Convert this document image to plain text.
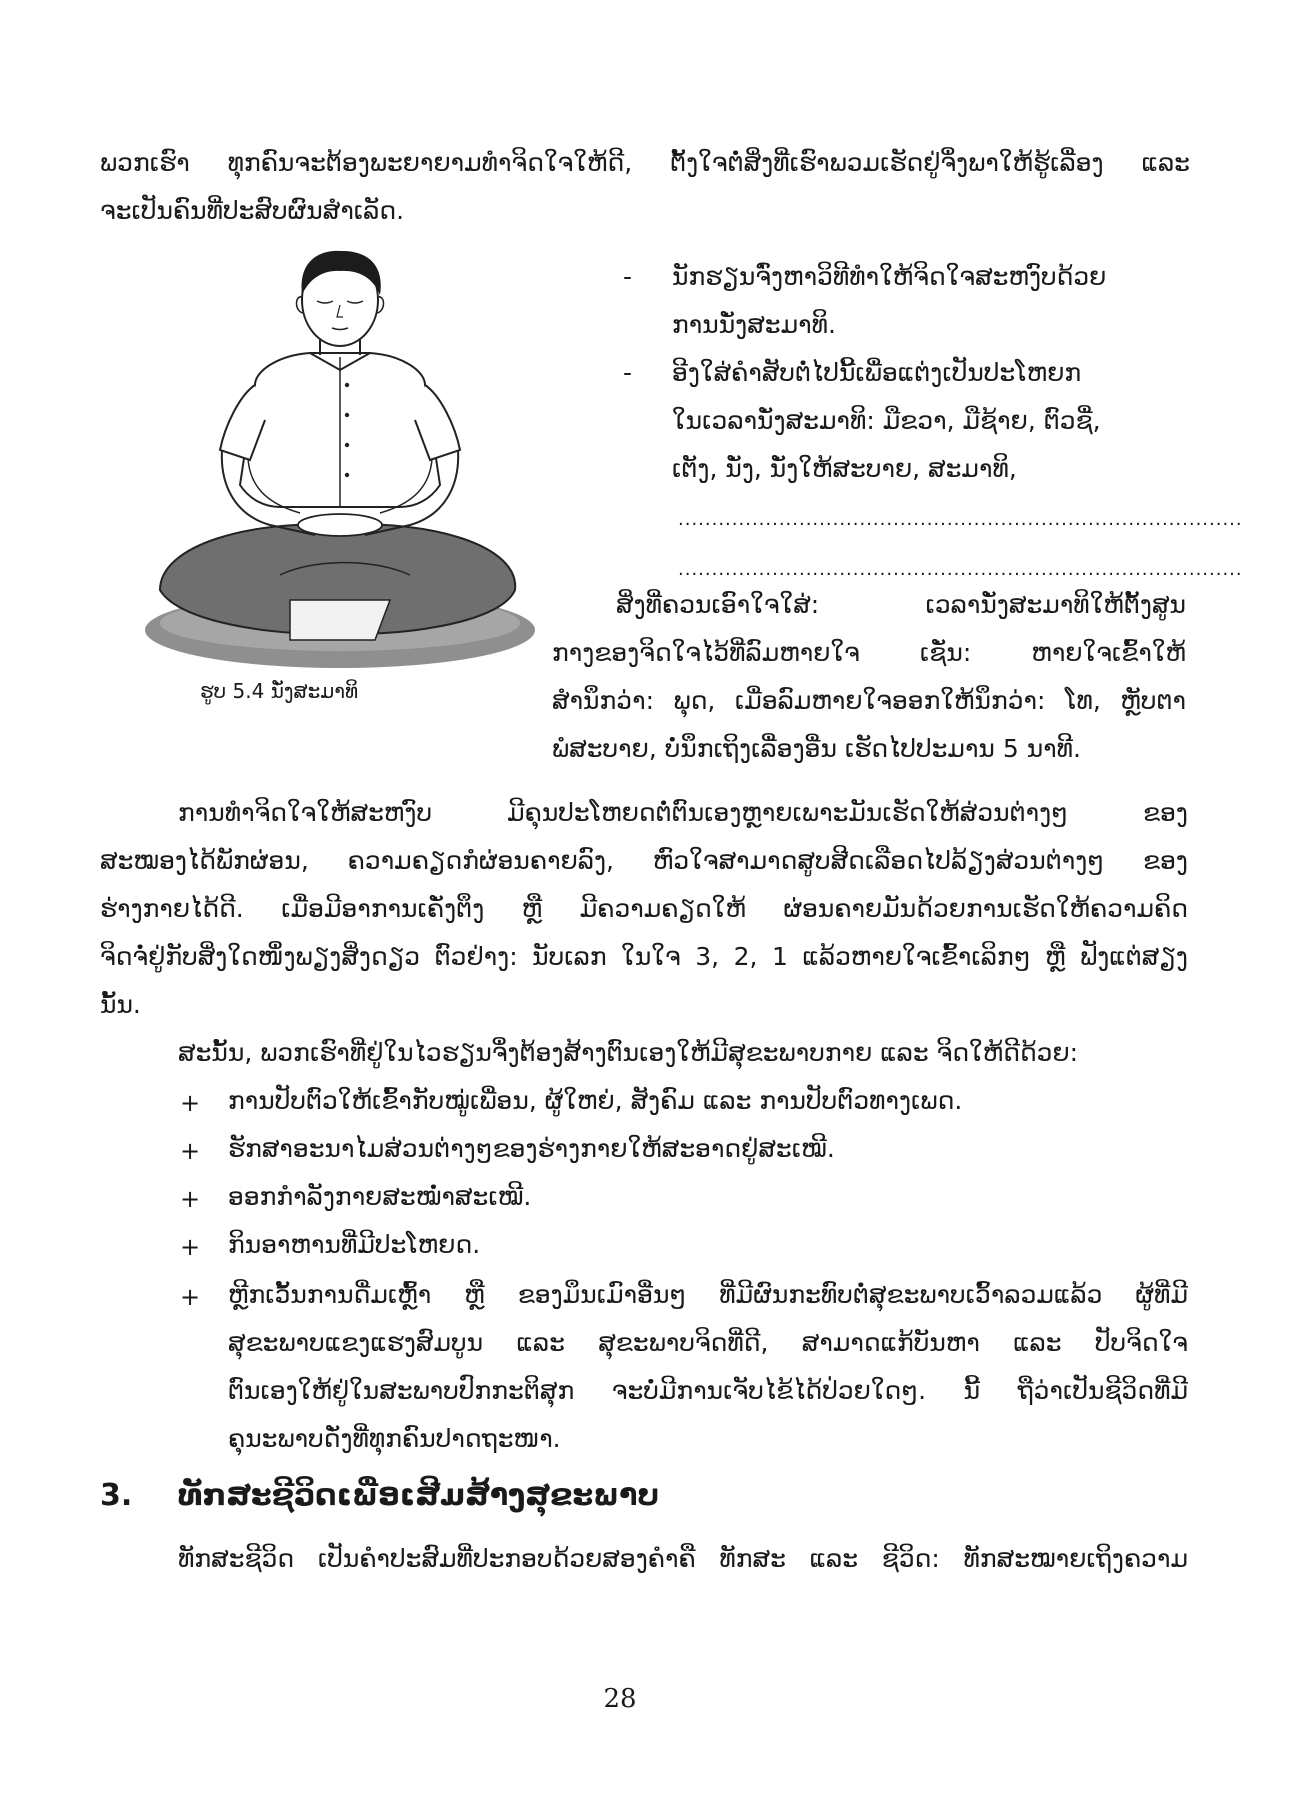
ພວກເຮົາ ທຸກຄົນຈະຕ້ອງພະຍາຍາມທຳຈິດໃຈໃຫ້ດີ, ຕັ້ງໃຈຕໍ່ສິ່ງທີ່ເຮົາພວມເຮັດຢູ່ຈຶ່ງພາໃຫ້ຮູ້ເລື່ອງ ແລະ
ຈະເປັນຄົນທີ່ປະສົບຜົນສຳເລັດ.
ຮູບ 5.4 ນັ່ງສະມາທິ
- ນັກຮຽນຈົ່ງຫາວິທີທຳໃຫ້ຈິດໃຈສະຫງົບດ້ວຍ
ການນັ່ງສະມາທິ.
- ອີງໃສ່ຄຳສັບຕໍ່ໄປນີ້ເພື່ອແຕ່ງເປັນປະໂຫຍກ
ໃນເວລານັ່ງສະມາທິ: ມືຂວາ, ມືຊ້າຍ, ຕົວຊື່,
ເຕັງ, ນັ່ງ, ນັ່ງໃຫ້ສະບາຍ, ສະມາທິ,
....................................................................................
....................................................................................
ສິ່ງທີ່ຄວນເອົາໃຈໃສ່: ເວລານັ່ງສະມາທິໃຫ້ຕັ້ງສູນ
ກາງຂອງຈິດໃຈໄວ້ທີ່ລົມຫາຍໃຈ ເຊັ່ນ: ຫາຍໃຈເຂົ້າໃຫ້
ສຳນຶກວ່າ: ພຸດ, ເມື່ອລົມຫາຍໃຈອອກໃຫ້ນຶກວ່າ: ໂທ, ຫຼັບຕາ
ພໍສະບາຍ, ບໍ່ນຶກເຖິງເລື່ອງອື່ນ ເຮັດໄປປະມານ 5 ນາທີ.
ການທຳຈິດໃຈໃຫ້ສະຫງົບ ມີຄຸນປະໂຫຍດຕໍ່ຕົນເອງຫຼາຍເພາະມັນເຮັດໃຫ້ສ່ວນຕ່າງໆ ຂອງ
ສະໝອງໄດ້ພັກຜ່ອນ, ຄວາມຄຽດກໍຜ່ອນຄາຍລົງ, ຫົວໃຈສາມາດສູບສີດເລືອດໄປລ້ຽງສ່ວນຕ່າງໆ ຂອງ
ຮ່າງກາຍໄດ້ດີ. ເມື່ອມີອາການເຄັ່ງຕຶງ ຫຼື ມີຄວາມຄຽດໃຫ້ ຜ່ອນຄາຍມັນດ້ວຍການເຮັດໃຫ້ຄວາມຄິດ
ຈິດຈໍ່ຢູ່ກັບສິ່ງໃດໜຶ່ງພຽງສິ່ງດຽວ ຕົວຢ່າງ: ນັບເລກ ໃນໃຈ 3, 2, 1 ແລ້ວຫາຍໃຈເຂົ້າເລິກໆ ຫຼື ຟັງແຕ່ສຽງ
ນັ້ນ.
ສະນັ້ນ, ພວກເຮົາທີ່ຢູ່ໃນໄວຮຽນຈຶ່ງຕ້ອງສ້າງຕົນເອງໃຫ້ມີສຸຂະພາບກາຍ ແລະ ຈິດໃຫ້ດີດ້ວຍ:
+ ການປັບຕົວໃຫ້ເຂົ້າກັບໝູ່ເພື່ອນ, ຜູ້ໃຫຍ່, ສັງຄົມ ແລະ ການປັບຕົວທາງເພດ.
+ ຮັກສາອະນາໄມສ່ວນຕ່າງໆຂອງຮ່າງກາຍໃຫ້ສະອາດຢູ່ສະເໝີ.
+ ອອກກຳລັງກາຍສະໝ່ຳສະເໝີ.
+ ກິນອາຫານທີ່ມີປະໂຫຍດ.
+ ຫຼີກເວັ້ນການດື່ມເຫຼົ້າ ຫຼື ຂອງມຶນເມົາອື່ນໆ ທີ່ມີຜົນກະທົບຕໍ່ສຸຂະພາບເວົ້າລວມແລ້ວ ຜູ້ທີ່ມີ
ສຸຂະພາບແຂງແຮງສົມບູນ ແລະ ສຸຂະພາບຈິດທີ່ດີ, ສາມາດແກ້ບັນຫາ ແລະ ປັບຈິດໃຈ
ຕົນເອງໃຫ້ຢູ່ໃນສະພາບປົກກະຕິສຸກ ຈະບໍ່ມີການເຈັບໄຂ້ໄດ້ປ່ວຍໃດໆ. ນີ້ ຖືວ່າເປັນຊີວິດທີ່ມີ
ຄຸນະພາບດັ່ງທີ່ທຸກຄົນປາດຖະໜາ.
3. ທັກສະຊີວິດເພື່ອເສີມສ້າງສຸຂະພາບ
ທັກສະຊີວິດ ເປັນຄຳປະສົມທີ່ປະກອບດ້ວຍສອງຄຳຄື ທັກສະ ແລະ ຊີວິດ: ທັກສະໝາຍເຖິງຄວາມ
28
